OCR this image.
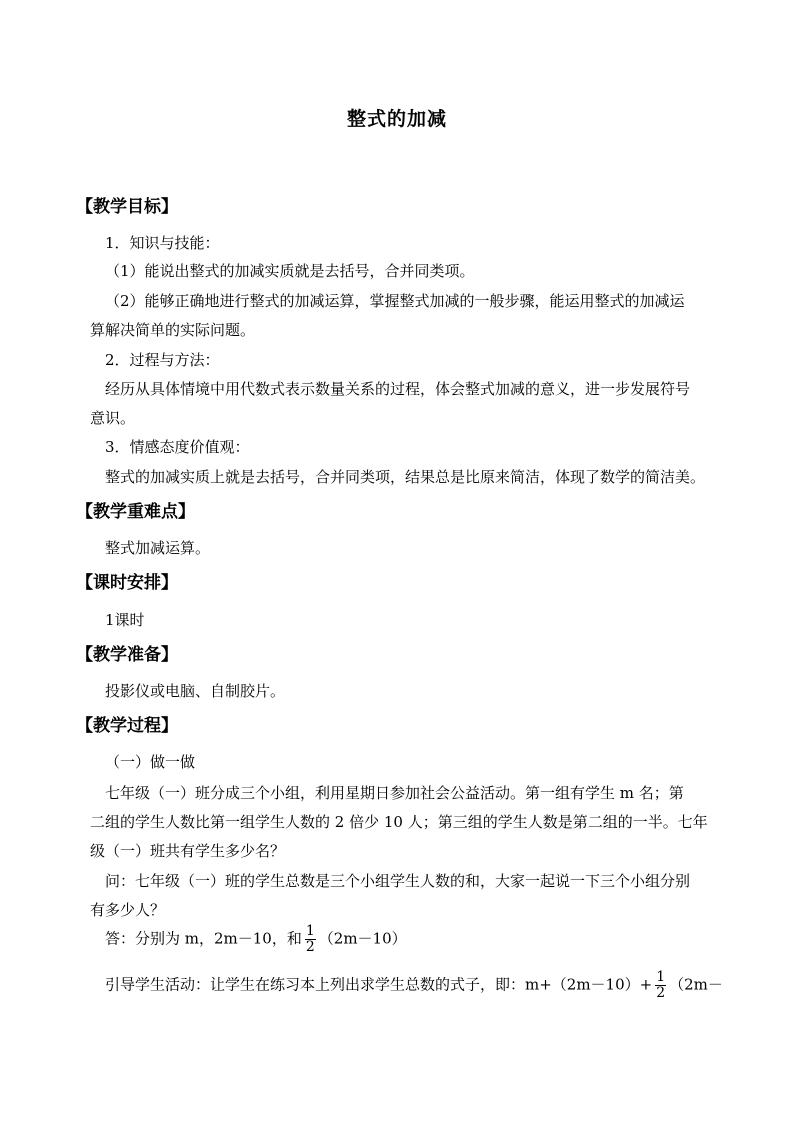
整式的加减
【教学目标】
1．知识与技能：
（1）能说出整式的加减实质就是去括号，合并同类项。
（2）能够正确地进行整式的加减运算，掌握整式加减的一般步骤，能运用整式的加减运
算解决简单的实际问题。
2．过程与方法：
经历从具体情境中用代数式表示数量关系的过程，体会整式加减的意义，进一步发展符号
意识。
3．情感态度价值观：
整式的加减实质上就是去括号，合并同类项，结果总是比原来简洁，体现了数学的简洁美。
【教学重难点】
整式加减运算。
【课时安排】
1课时
【教学准备】
投影仪或电脑、自制胶片。
【教学过程】
（一）做一做
七年级（一）班分成三个小组，利用星期日参加社会公益活动。第一组有学生 m 名；第
二组的学生人数比第一组学生人数的 2 倍少 10 人；第三组的学生人数是第二组的一半。七年
级（一）班共有学生多少名？
问：七年级（一）班的学生总数是三个小组学生人数的和，大家一起说一下三个小组分别
有多少人？
答：分别为 m，2m－10，和 $\frac{1}{2} (2m-10)$
引导学生活动：让学生在练习本上列出求学生总数的式子，即：$m+(2m-10)+ \frac{1}{2} (2m-$
